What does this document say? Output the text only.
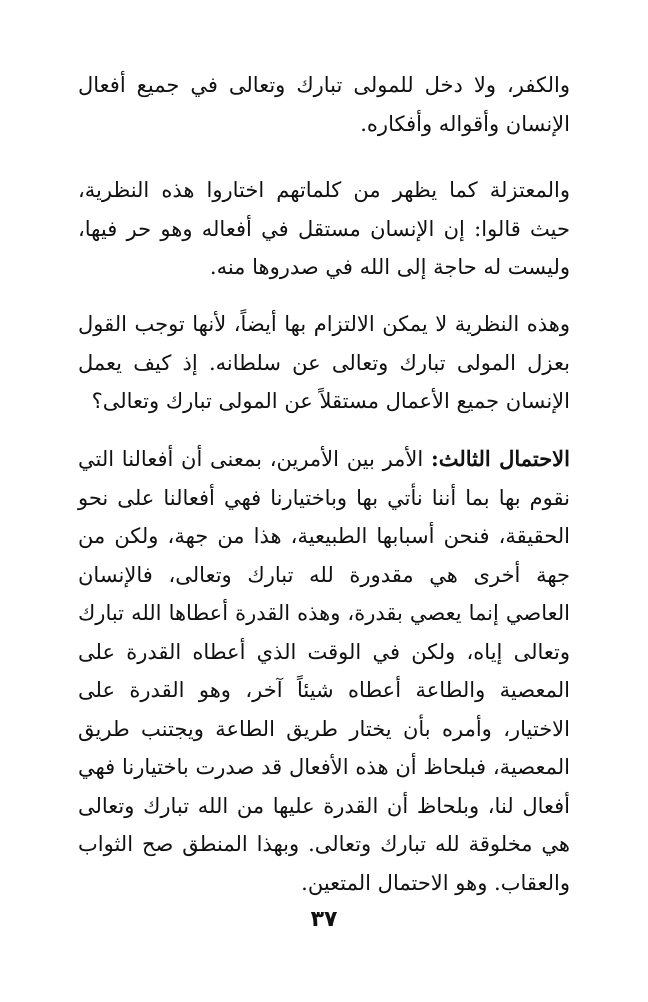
والكفر، ولا دخل للمولى تبارك وتعالى في جميع أفعال الإنسان وأقواله وأفكاره.
والمعتزلة كما يظهر من كلماتهم اختاروا هذه النظرية، حيث قالوا: إن الإنسان مستقل في أفعاله وهو حر فيها، وليست له حاجة إلى الله في صدروها منه.
وهذه النظرية لا يمكن الالتزام بها أيضاً، لأنها توجب القول بعزل المولى تبارك وتعالى عن سلطانه. إذ كيف يعمل الإنسان جميع الأعمال مستقلاً عن المولى تبارك وتعالى؟
الاحتمال الثالث: الأمر بين الأمرين، بمعنى أن أفعالنا التي نقوم بها بما أننا نأتي بها وباختيارنا فهي أفعالنا على نحو الحقيقة، فنحن أسبابها الطبيعية، هذا من جهة، ولكن من جهة أخرى هي مقدورة لله تبارك وتعالى، فالإنسان العاصي إنما يعصي بقدرة، وهذه القدرة أعطاها الله تبارك وتعالى إياه، ولكن في الوقت الذي أعطاه القدرة على المعصية والطاعة أعطاه شيئاً آخر، وهو القدرة على الاختيار، وأمره بأن يختار طريق الطاعة ويجتنب طريق المعصية، فبلحاظ أن هذه الأفعال قد صدرت باختيارنا فهي أفعال لنا، وبلحاظ أن القدرة عليها من الله تبارك وتعالى هي مخلوقة لله تبارك وتعالى. وبهذا المنطق صح الثواب والعقاب. وهو الاحتمال المتعين.
٣٧
